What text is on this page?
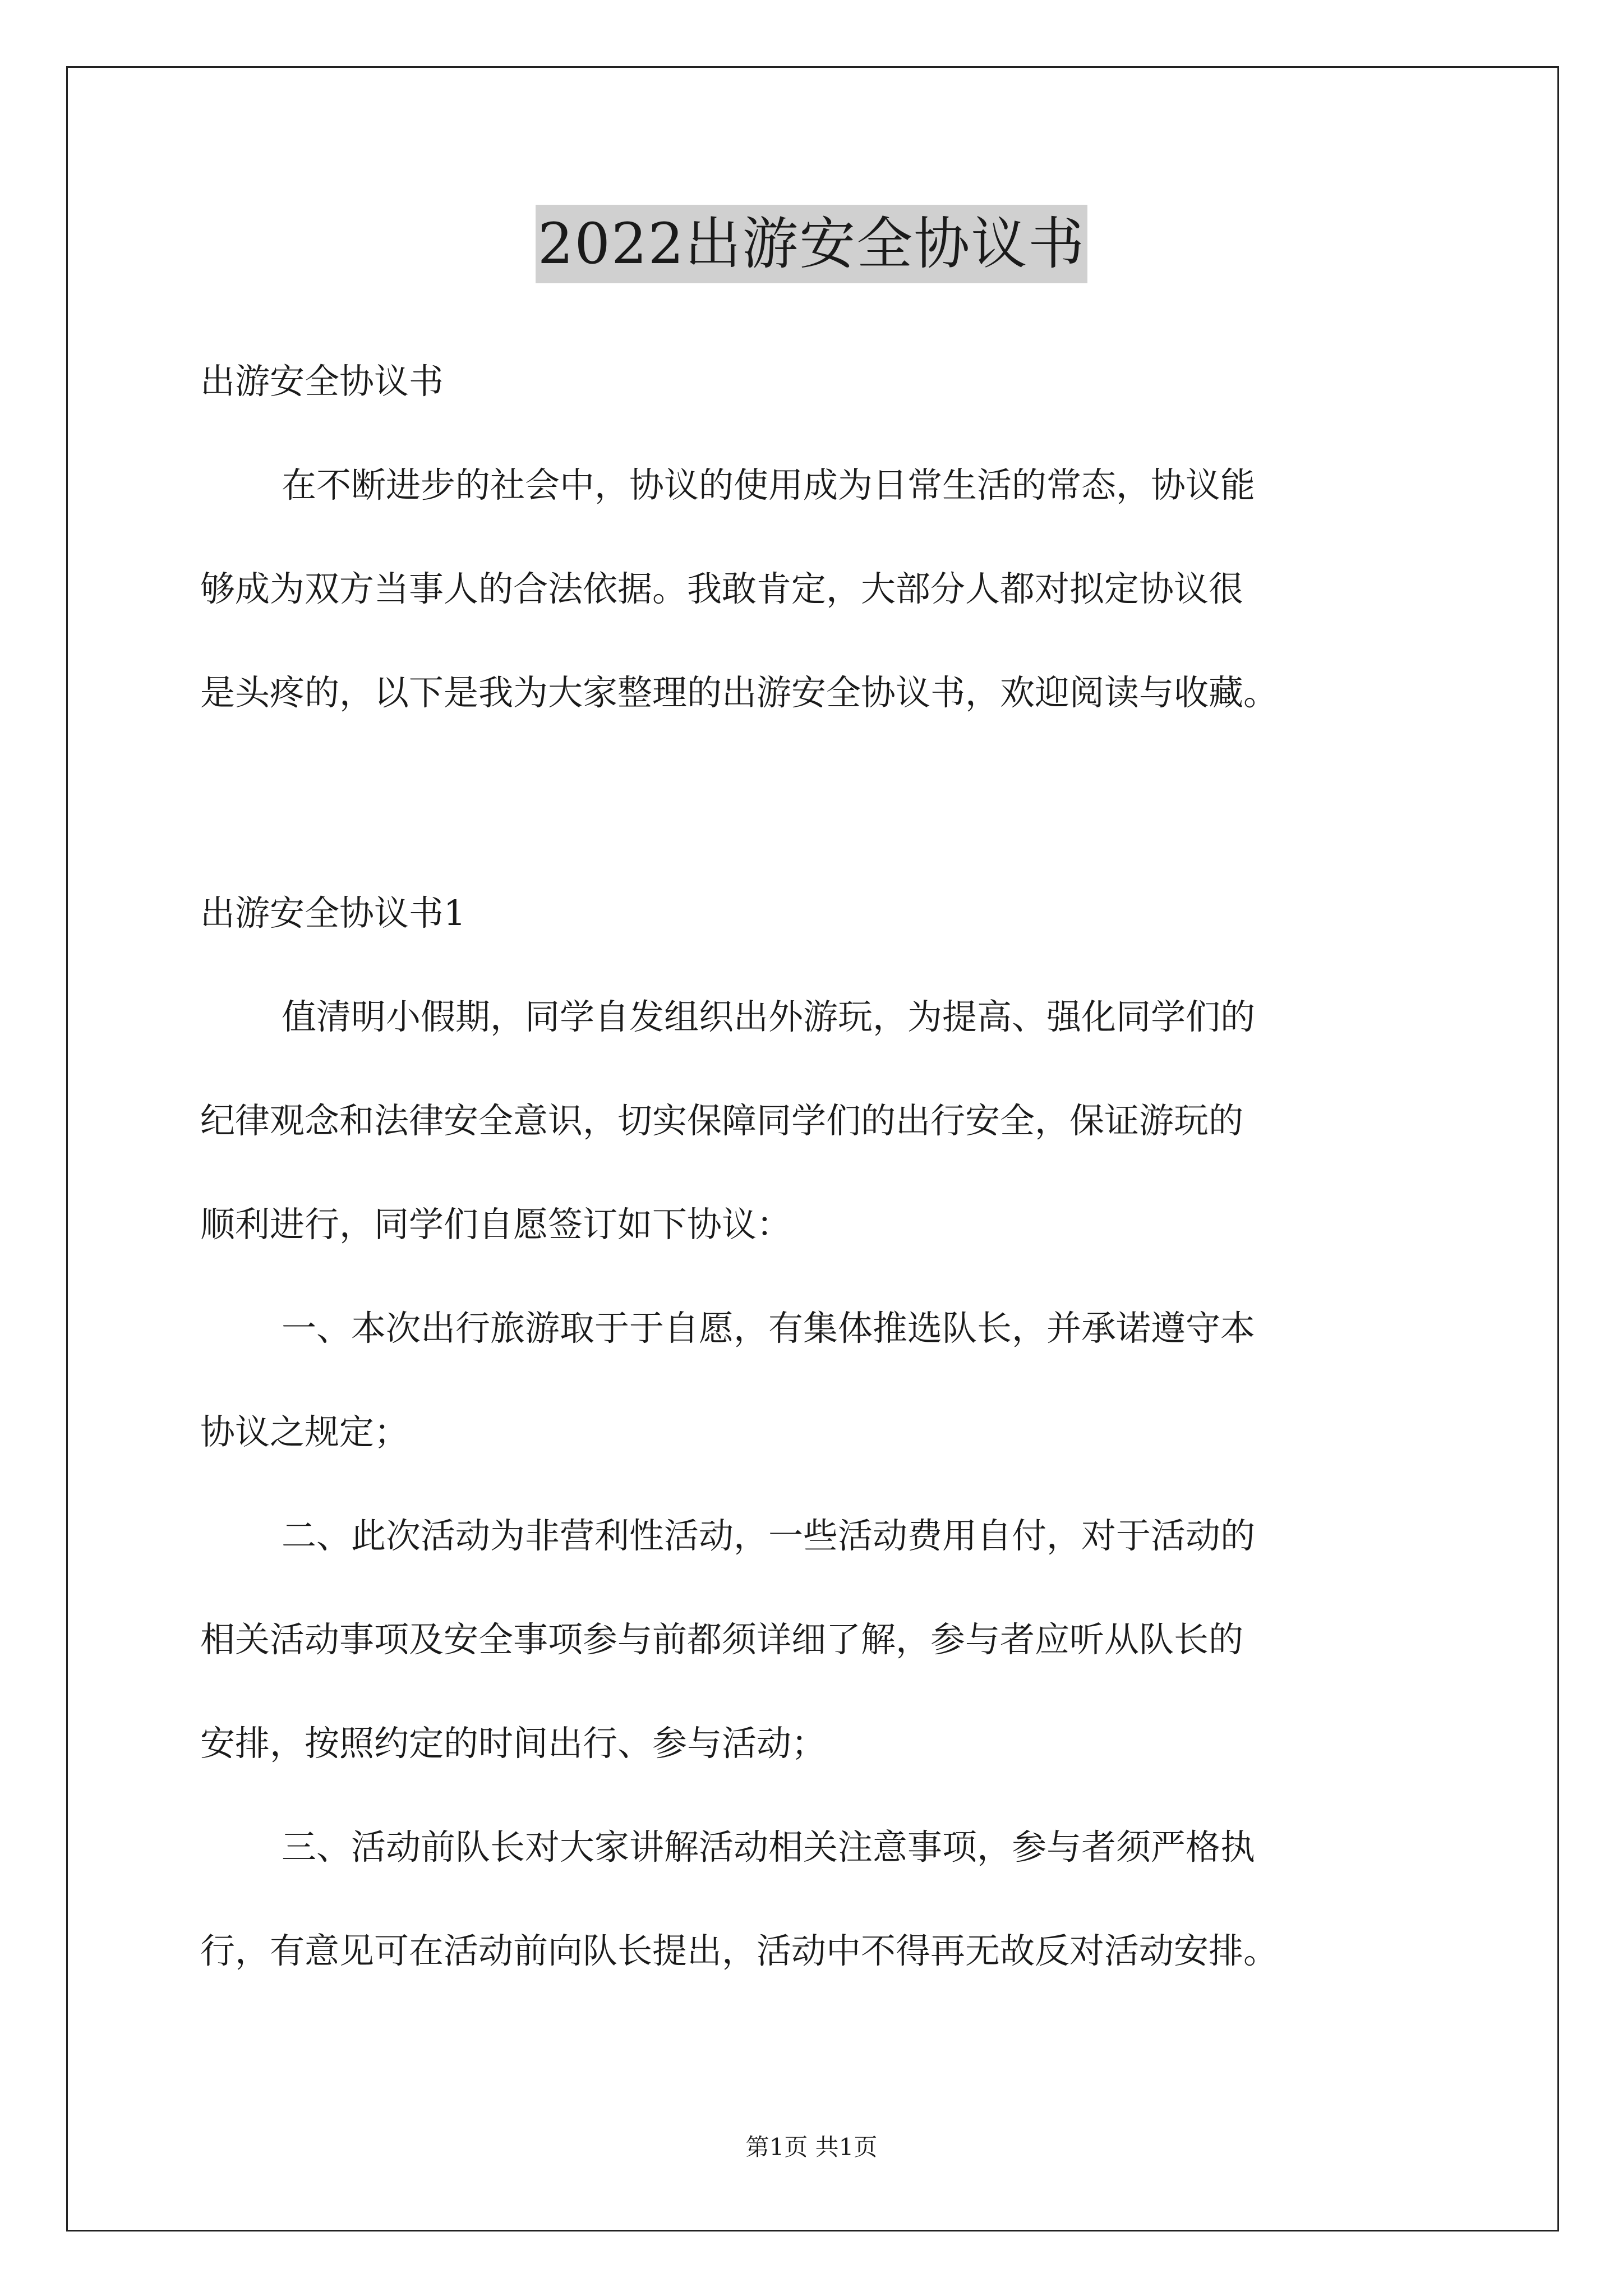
2022出游安全协议书
出游安全协议书
在不断进步的社会中，协议的使用成为日常生活的常态，协议能
够成为双方当事人的合法依据。我敢肯定，大部分人都对拟定协议很
是头疼的，以下是我为大家整理的出游安全协议书，欢迎阅读与收藏。
出游安全协议书1
值清明小假期，同学自发组织出外游玩，为提高、强化同学们的
纪律观念和法律安全意识，切实保障同学们的出行安全，保证游玩的
顺利进行，同学们自愿签订如下协议：
一、本次出行旅游取于于自愿，有集体推选队长，并承诺遵守本
协议之规定；
二、此次活动为非营利性活动，一些活动费用自付，对于活动的
相关活动事项及安全事项参与前都须详细了解，参与者应听从队长的
安排，按照约定的时间出行、参与活动；
三、活动前队长对大家讲解活动相关注意事项，参与者须严格执
行，有意见可在活动前向队长提出，活动中不得再无故反对活动安排。
第1页 共1页
